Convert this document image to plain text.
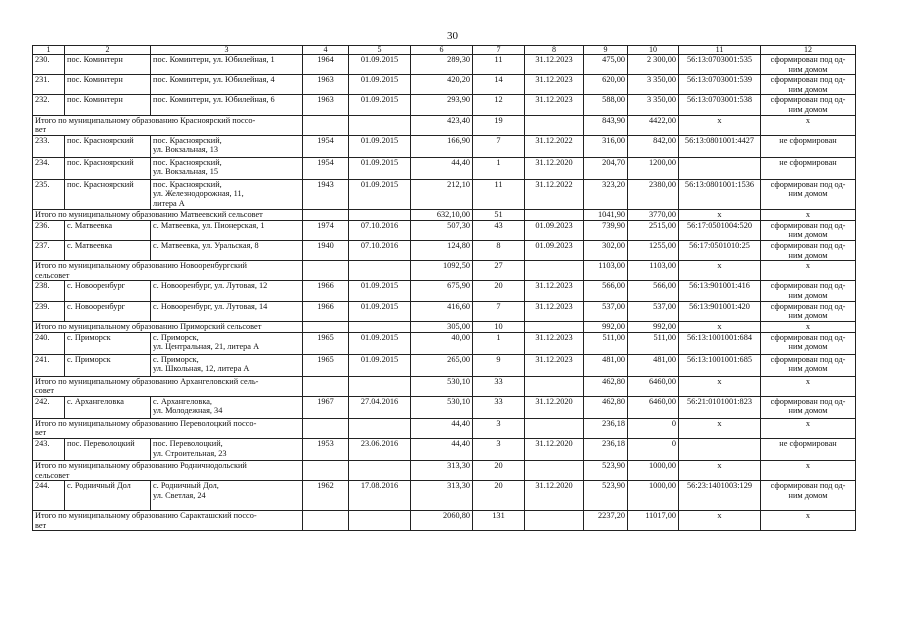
30
1	2	3	4	5	6	7	8	9	10	11	12
230.	пос. Коминтерн	пос. Коминтерн, ул. Юбилейная, 1	1964	01.09.2015	289,30	11	31.12.2023	475,00	2 300,00	56:13:0703001:535	сформирован под од-
ним домом
231.	пос. Коминтерн	пос. Коминтерн, ул. Юбилейная, 4	1963	01.09.2015	420,20	14	31.12.2023	620,00	3 350,00	56:13:0703001:539	сформирован под од-
ним домом
232.	пос. Коминтерн	пос. Коминтерн, ул. Юбилейная, 6	1963	01.09.2015	293,90	12	31.12.2023	588,00	3 350,00	56:13:0703001:538	сформирован под од-
ним домом
Итого по муниципальному образованию Красноярский поссо-
вет					423,40	19		843,90	4422,00	х	х
233.	пос. Красноярский	пос. Красноярский,
ул. Вокзальная, 13	1954	01.09.2015	166,90	7	31.12.2022	316,00	842,00	56:13:0801001:4427	не сформирован
234.	пос. Красноярский	пос. Красноярский,
ул. Вокзальная, 15	1954	01.09.2015	44,40	1	31.12.2020	204,70	1200,00		не сформирован
235.	пос. Красноярский	пос. Красноярский,
ул. Железнодорожная, 11,
литера А	1943	01.09.2015	212,10	11	31.12.2022	323,20	2380,00	56:13:0801001:1536	сформирован под од-
ним домом
Итого по муниципальному образованию Матвеевский сельсовет					632,10,00	51		1041,90	3770,00	х	х
236.	с. Матвеевка	с. Матвеевка, ул. Пионерская, 1	1974	07.10.2016	507,30	43	01.09.2023	739,90	2515,00	56:17:0501004:520	сформирован под од-
ним домом
237.	с. Матвеевка	с. Матвеевка, ул. Уральская, 8	1940	07.10.2016	124,80	8	01.09.2023	302,00	1255,00	56:17:0501010:25	сформирован под од-
ним домом
Итого по муниципальному образованию Новооренбургский
сельсовет					1092,50	27		1103,00	1103,00	х	х
238.	с. Новооренбург	с. Новооренбург, ул. Лутовая, 12	1966	01.09.2015	675,90	20	31.12.2023	566,00	566,00	56:13:901001:416	сформирован под од-
ним домом
239.	с. Новооренбург	с. Новооренбург, ул. Лутовая, 14	1966	01.09.2015	416,60	7	31.12.2023	537,00	537,00	56:13:901001:420	сформирован под од-
ним домом
Итого по муниципальному образованию Приморский сельсовет					305,00	10		992,00	992,00	х	х
240.	с. Приморск	с. Приморск,
ул. Центральная, 21, литера А	1965	01.09.2015	40,00	1	31.12.2023	511,00	511,00	56:13:1001001:684	сформирован под од-
ним домом
241.	с. Приморск	с. Приморск,
ул. Школьная, 12, литера А	1965	01.09.2015	265,00	9	31.12.2023	481,00	481,00	56:13:1001001:685	сформирован под од-
ним домом
Итого по муниципальному образованию Архангеловский сель-
совет					530,10	33		462,80	6460,00	х	х
242.	с. Архангеловка	с. Архангеловка,
ул. Молодежная, 34	1967	27.04.2016	530,10	33	31.12.2020	462,80	6460,00	56:21:0101001:823	сформирован под од-
ним домом
Итого по муниципальному образованию Переволоцкий поссо-
вет					44,40	3		236,18	0	х	х
243.	пос. Переволоцкий	пос. Переволоцкий,
ул. Строительная, 23	1953	23.06.2016	44,40	3	31.12.2020	236,18	0		не сформирован
Итого по муниципальному образованию Родничнодольский
сельсовет					313,30	20		523,90	1000,00	х	х
244.	с. Родничный Дол	с. Родничный Дол,
ул. Светлая, 24	1962	17.08.2016	313,30	20	31.12.2020	523,90	1000,00	56:23:1401003:129	сформирован под од-
ним домом
Итого по муниципальному образованию Саракташский поссо-
вет					2060,80	131		2237,20	11017,00	х	х
